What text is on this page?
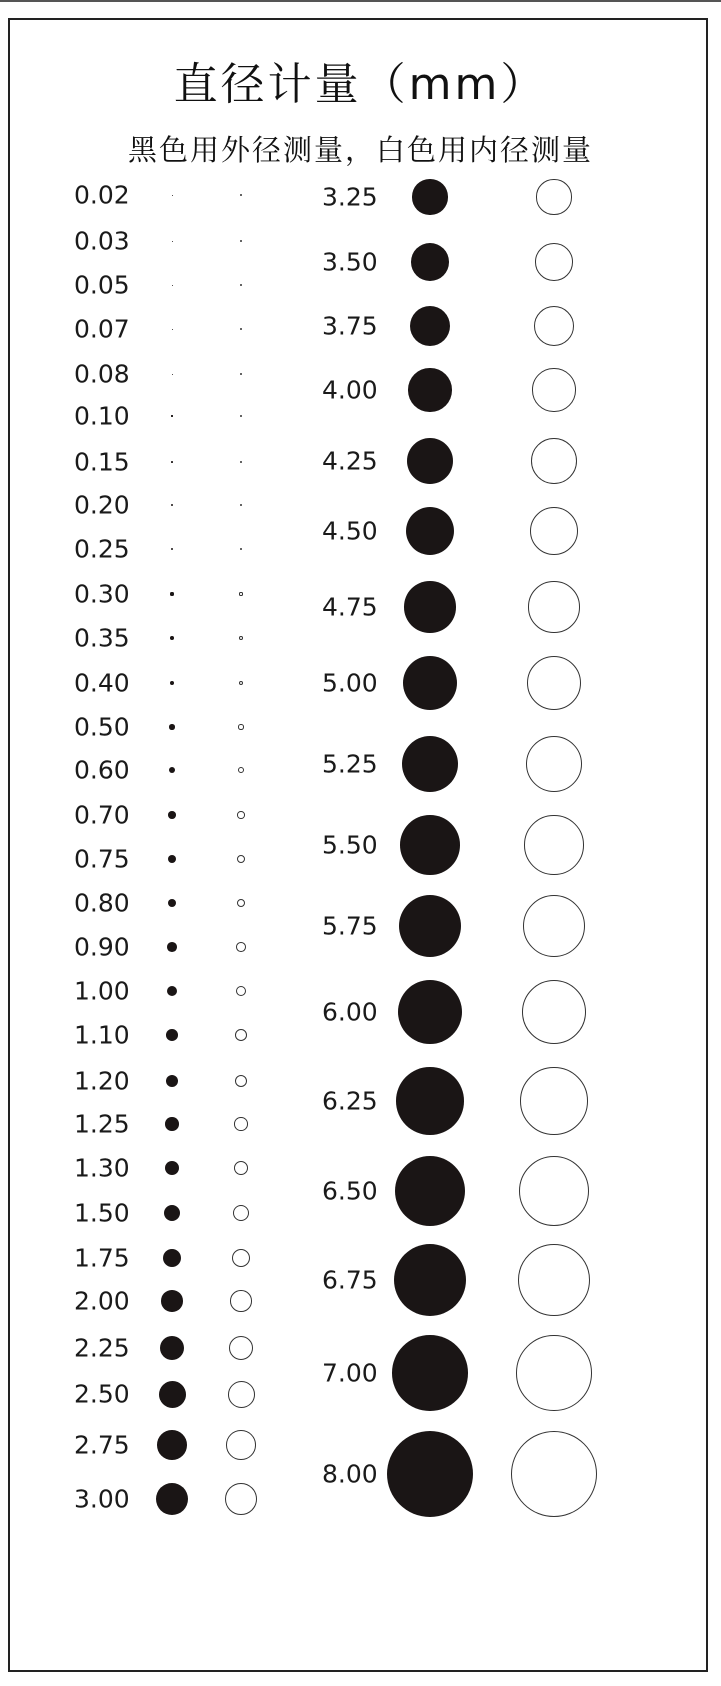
直径计量（mm）
黑色用外径测量，白色用内径测量
0.02
0.03
0.05
0.07
0.08
0.10
0.15
0.20
0.25
0.30
0.35
0.40
0.50
0.60
0.70
0.75
0.80
0.90
1.00
1.10
1.20
1.25
1.30
1.50
1.75
2.00
2.25
2.50
2.75
3.00
3.25
3.50
3.75
4.00
4.25
4.50
4.75
5.00
5.25
5.50
5.75
6.00
6.25
6.50
6.75
7.00
8.00
